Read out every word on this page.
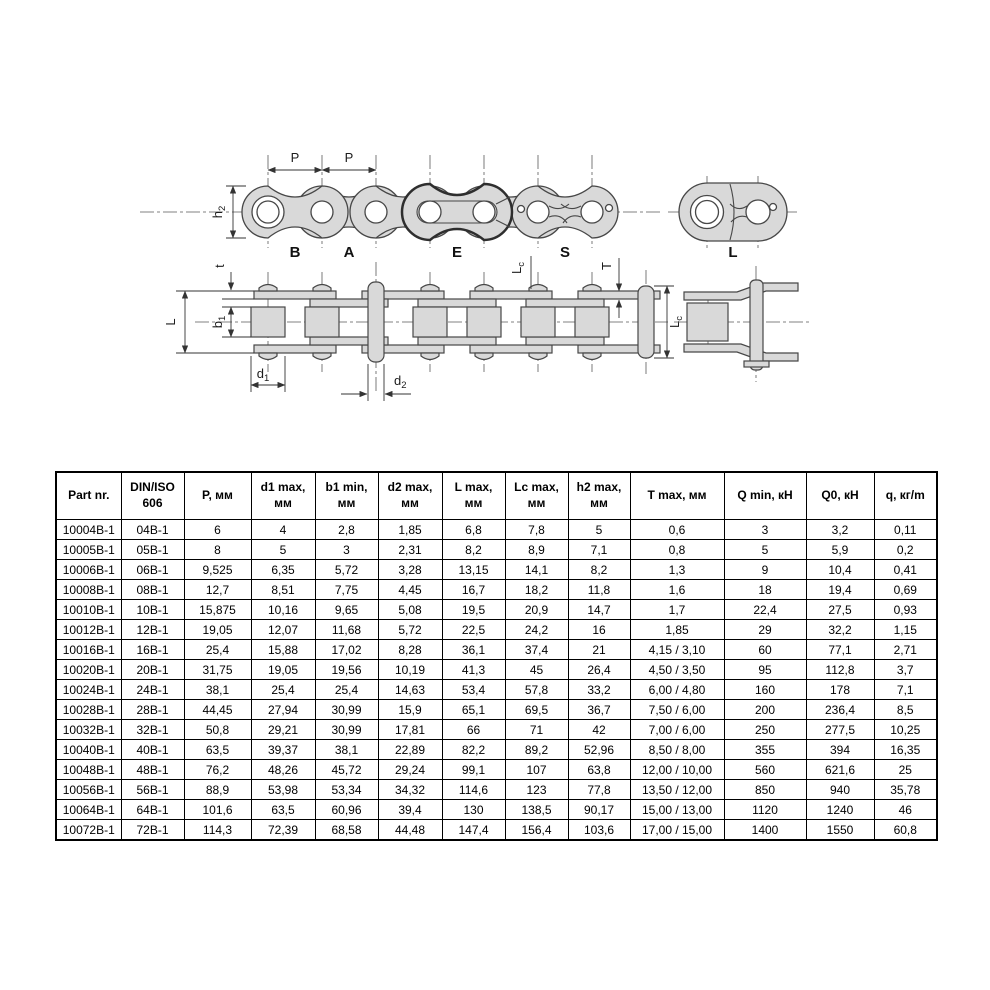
P	P
$h_2$
B	A	E	S	L
L
t
$b_1$
$d_1$	$d_2$
$L_c$	T
$L_c$
Part nr.	DIN/ISO 606	P, мм	d1 max, мм	b1 min, мм	d2 max, мм	L max, мм	Lc max, мм	h2 max, мм	T max, мм	Q min, кН	Q0, кН	q, кг/m
10004B-1	04B-1	6	4	2,8	1,85	6,8	7,8	5	0,6	3	3,2	0,11
10005B-1	05B-1	8	5	3	2,31	8,2	8,9	7,1	0,8	5	5,9	0,2
10006B-1	06B-1	9,525	6,35	5,72	3,28	13,15	14,1	8,2	1,3	9	10,4	0,41
10008B-1	08B-1	12,7	8,51	7,75	4,45	16,7	18,2	11,8	1,6	18	19,4	0,69
10010B-1	10B-1	15,875	10,16	9,65	5,08	19,5	20,9	14,7	1,7	22,4	27,5	0,93
10012B-1	12B-1	19,05	12,07	11,68	5,72	22,5	24,2	16	1,85	29	32,2	1,15
10016B-1	16B-1	25,4	15,88	17,02	8,28	36,1	37,4	21	4,15 / 3,10	60	77,1	2,71
10020B-1	20B-1	31,75	19,05	19,56	10,19	41,3	45	26,4	4,50 / 3,50	95	112,8	3,7
10024B-1	24B-1	38,1	25,4	25,4	14,63	53,4	57,8	33,2	6,00 / 4,80	160	178	7,1
10028B-1	28B-1	44,45	27,94	30,99	15,9	65,1	69,5	36,7	7,50 / 6,00	200	236,4	8,5
10032B-1	32B-1	50,8	29,21	30,99	17,81	66	71	42	7,00 / 6,00	250	277,5	10,25
10040B-1	40B-1	63,5	39,37	38,1	22,89	82,2	89,2	52,96	8,50 / 8,00	355	394	16,35
10048B-1	48B-1	76,2	48,26	45,72	29,24	99,1	107	63,8	12,00 / 10,00	560	621,6	25
10056B-1	56B-1	88,9	53,98	53,34	34,32	114,6	123	77,8	13,50 / 12,00	850	940	35,78
10064B-1	64B-1	101,6	63,5	60,96	39,4	130	138,5	90,17	15,00 / 13,00	1120	1240	46
10072B-1	72B-1	114,3	72,39	68,58	44,48	147,4	156,4	103,6	17,00 / 15,00	1400	1550	60,8
